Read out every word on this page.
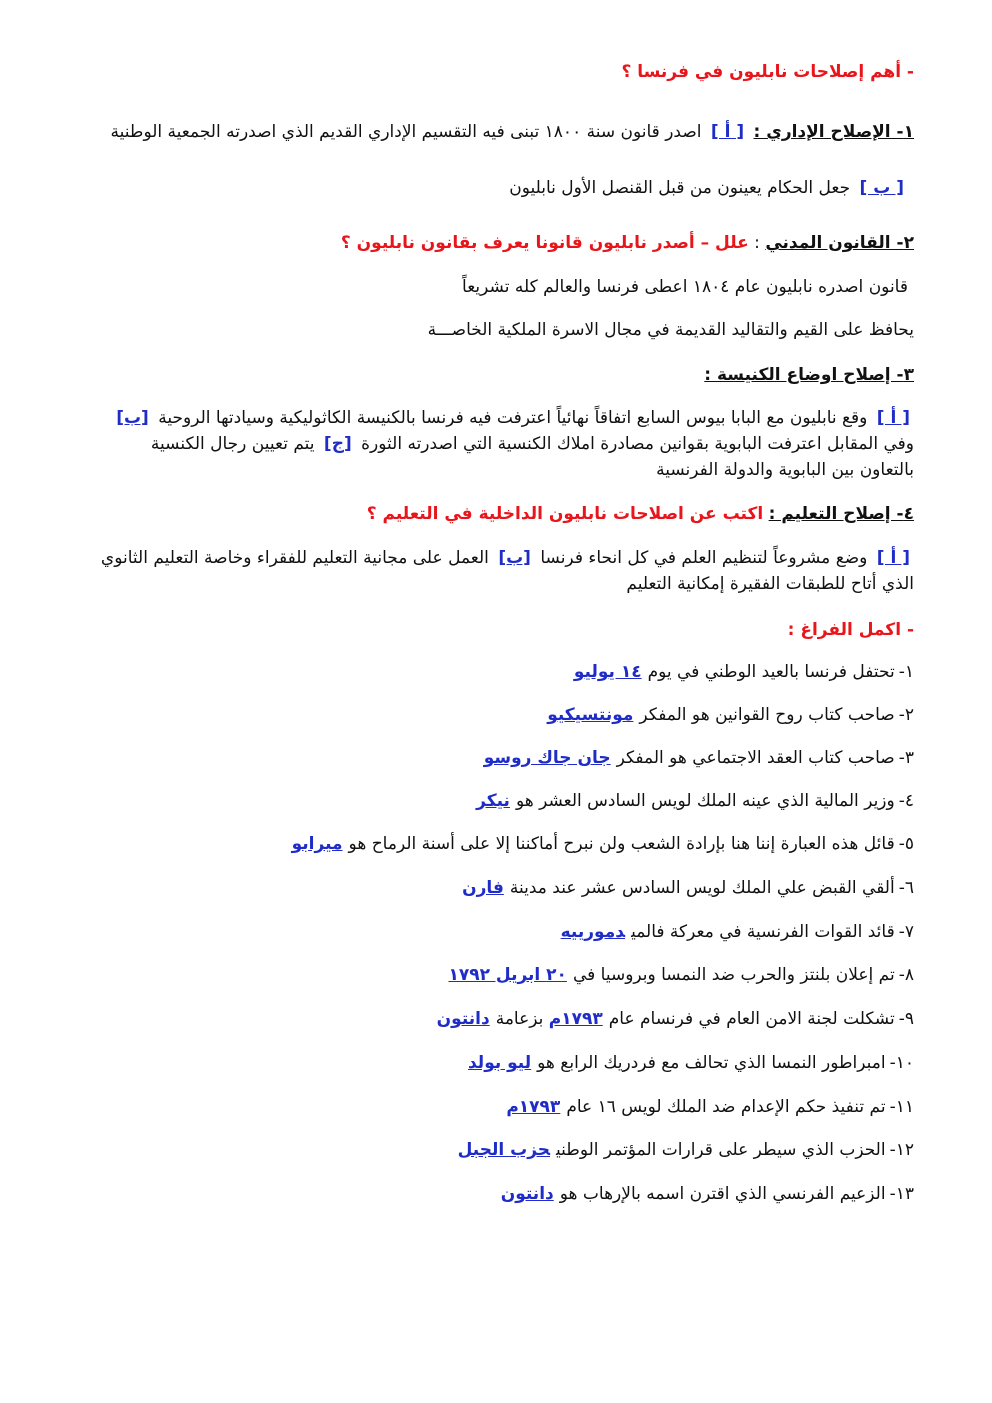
- أهم إصلاحات نابليون في فرنسا ؟
١- الإصلاح الإداري : [ أ ] اصدر قانون سنة ١٨٠٠ تبنى فيه التقسيم الإداري القديم الذي اصدرته الجمعية الوطنية
[ ب ] جعل الحكام يعينون من قبل القنصل الأول نابليون
٢- القانون المدني : علل – أصدر نابليون قانونا يعرف بقانون نابليون ؟
قانون اصدره نابليون عام ١٨٠٤ اعطى فرنسا والعالم كله تشريعاً
يحافظ على القيم والتقاليد القديمة في مجال الاسرة الملكية الخاصـــة
٣- إصلاح اوضاع الكنيسة :
[ أ ] وقع نابليون مع البابا بيوس السابع اتفاقاً نهائياً اعترفت فيه فرنسا بالكنيسة الكاثوليكية وسيادتها الروحية [ب]
وفي المقابل اعترفت البابوية بقوانين مصادرة املاك الكنسية التي اصدرته الثورة [ج] يتم تعيين رجال الكنسية
بالتعاون بين البابوية والدولة الفرنسية
٤- إصلاح التعليم : اكتب عن اصلاحات نابليون الداخلية في التعليم ؟
[ أ ] وضع مشروعاً لتنظيم العلم في كل انحاء فرنسا [ب] العمل على مجانية التعليم للفقراء وخاصة التعليم الثانوي
الذي أتاح للطبقات الفقيرة إمكانية التعليم
- اكمل الفراغ :
١-تحتفل فرنسا بالعيد الوطني في يوم١٤ يوليو
٢-صاحب كتاب روح القوانين هو المفكرمونتسيكيو
٣-صاحب كتاب العقد الاجتماعي هو المفكرجان جاك روسو
٤-وزير المالية الذي عينه الملك لويس السادس العشر هونيكر
٥-قائل هذه العبارة إننا هنا بإرادة الشعب ولن نبرح أماكننا إلا على أسنة الرماح هوميرابو
٦-ألقي القبض علي الملك لويس السادس عشر عند مدينةفارن
٧-قائد القوات الفرنسية في معركة فالميدمورييه
٨-تم إعلان بلنتز والحرب ضد النمسا وبروسيا في٢٠ ابريل ١٧٩٢
٩-تشكلت لجنة الامن العام في فرنسام عام١٧٩٣م بزعامةدانتون
١٠-امبراطور النمسا الذي تحالف مع فردريك الرابع هوليو بولد
١١-تم تنفيذ حكم الإعدام ضد الملك لويس ١٦ عام١٧٩٣م
١٢-الحزب الذي سيطر على قرارات المؤتمر الوطنيحزب الجبل
١٣-الزعيم الفرنسي الذي اقترن اسمه بالإرهاب هودانتون
